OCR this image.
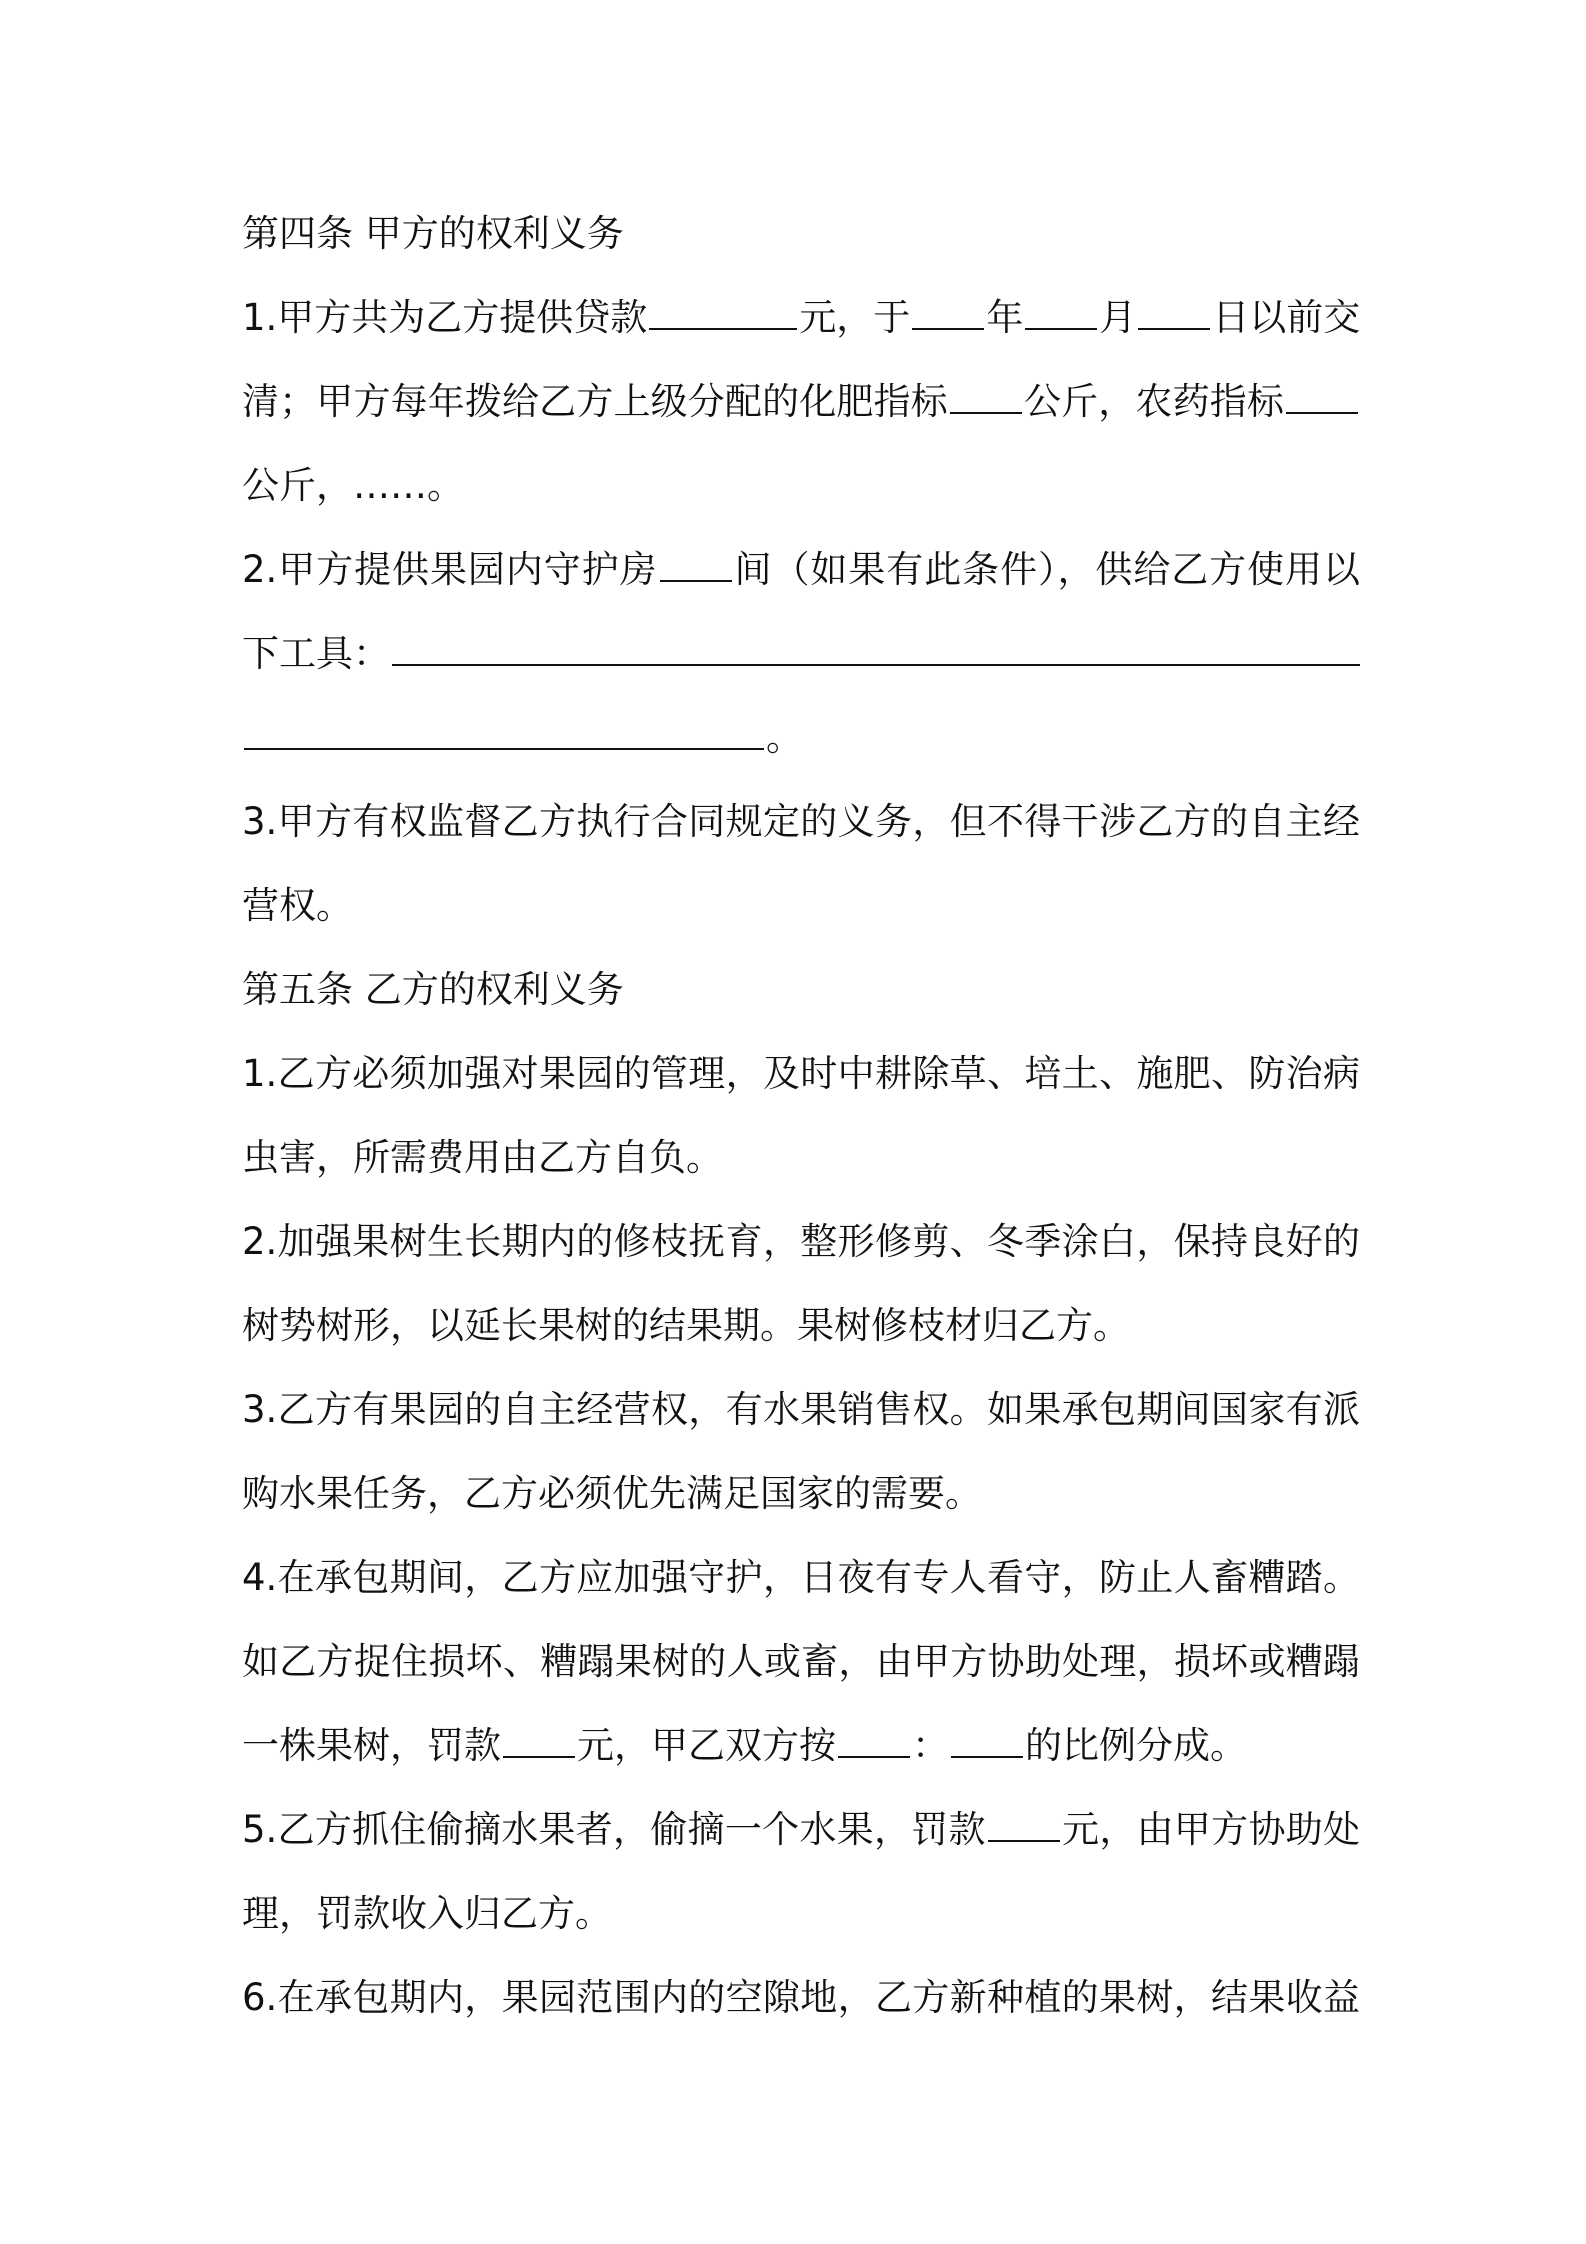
第四条 甲方的权利义务
1.甲方共为乙方提供贷款	元，于 年 月 日以前交
清；甲方每年拨给乙方上级分配的化肥指标 公斤，农药指标
公斤，……。
2.甲方提供果园内守护房 间（如果有此条件），供给乙方使用以
下工具：
。
3.甲方有权监督乙方执行合同规定的义务，但不得干涉乙方的自主经
营权。
第五条 乙方的权利义务
1.乙方必须加强对果园的管理，及时中耕除草、培土、施肥、防治病
虫害，所需费用由乙方自负。
2.加强果树生长期内的修枝抚育，整形修剪、冬季涂白，保持良好的
树势树形，以延长果树的结果期。果树修枝材归乙方。
3.乙方有果园的自主经营权，有水果销售权。如果承包期间国家有派
购水果任务，乙方必须优先满足国家的需要。
4.在承包期间，乙方应加强守护，日夜有专人看守，防止人畜糟踏。
如乙方捉住损坏、糟蹋果树的人或畜，由甲方协助处理，损坏或糟蹋
一株果树，罚款 元，甲乙双方按 ： 的比例分成。
5.乙方抓住偷摘水果者，偷摘一个水果，罚款 元，由甲方协助处
理，罚款收入归乙方。
6.在承包期内，果园范围内的空隙地，乙方新种植的果树，结果收益
